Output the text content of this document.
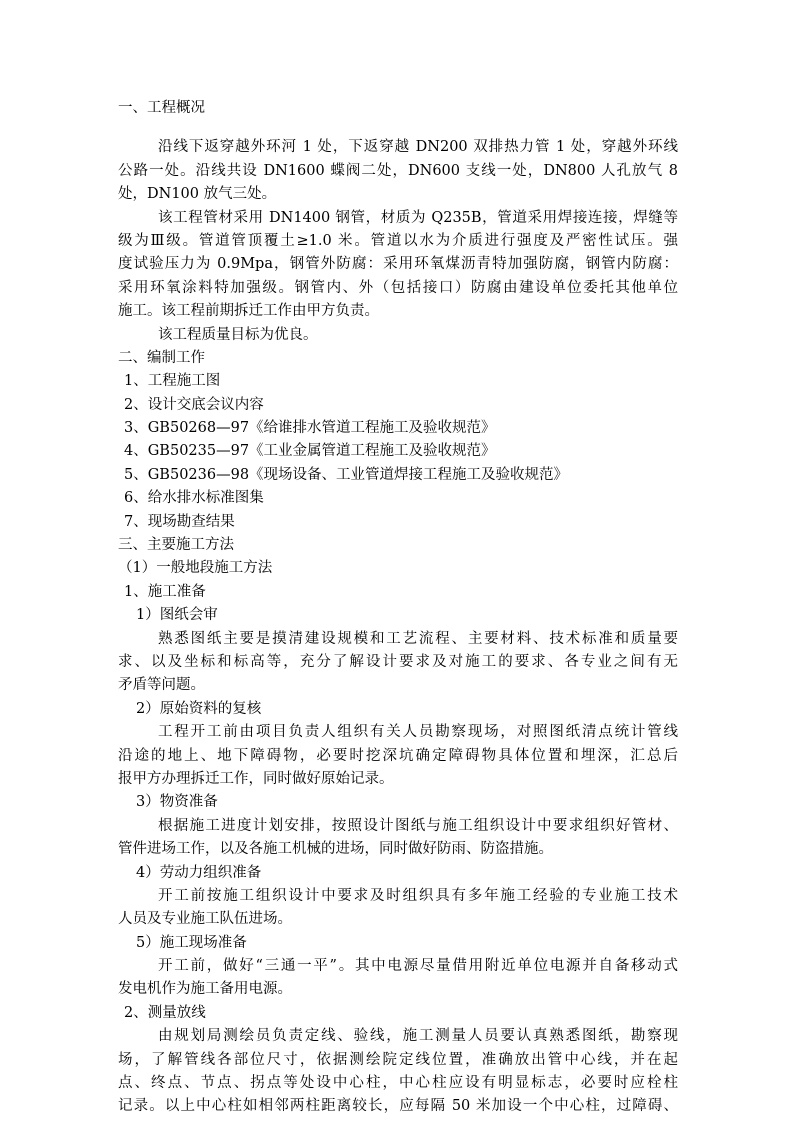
一、工程概况
沿线下返穿越外环河 1 处，下返穿越 DN200 双排热力管 1 处，穿越外环线
公路一处。沿线共设 DN1600 蝶阀二处，DN600 支线一处，DN800 人孔放气 8
处，DN100 放气三处。
该工程管材采用 DN1400 钢管，材质为 Q235B，管道采用焊接连接，焊缝等
级为Ⅲ级。管道管顶覆土≥1.0 米。管道以水为介质进行强度及严密性试压。强
度试验压力为 0.9Mpa，钢管外防腐：采用环氧煤沥青特加强防腐，钢管内防腐：
采用环氧涂料特加强级。钢管内、外（包括接口）防腐由建设单位委托其他单位
施工。该工程前期拆迁工作由甲方负责。
该工程质量目标为优良。
二、编制工作
1、工程施工图
2、设计交底会议内容
3、GB50268—97《给谁排水管道工程施工及验收规范》
4、GB50235—97《工业金属管道工程施工及验收规范》
5、GB50236—98《现场设备、工业管道焊接工程施工及验收规范》
6、给水排水标准图集
7、现场勘查结果
三、主要施工方法
（1）一般地段施工方法
1、施工准备
1）图纸会审
熟悉图纸主要是摸清建设规模和工艺流程、主要材料、技术标准和质量要
求、以及坐标和标高等，充分了解设计要求及对施工的要求、各专业之间有无
矛盾等问题。
2）原始资料的复核
工程开工前由项目负责人组织有关人员勘察现场，对照图纸清点统计管线
沿途的地上、地下障碍物，必要时挖深坑确定障碍物具体位置和埋深，汇总后
报甲方办理拆迁工作，同时做好原始记录。
3）物资准备
根据施工进度计划安排，按照设计图纸与施工组织设计中要求组织好管材、
管件进场工作，以及各施工机械的进场，同时做好防雨、防盗措施。
4）劳动力组织准备
开工前按施工组织设计中要求及时组织具有多年施工经验的专业施工技术
人员及专业施工队伍进场。
5）施工现场准备
开工前，做好“三通一平”。其中电源尽量借用附近单位电源并自备移动式
发电机作为施工备用电源。
2、测量放线
由规划局测绘员负责定线、验线，施工测量人员要认真熟悉图纸，勘察现
场，了解管线各部位尺寸，依据测绘院定线位置，准确放出管中心线，并在起
点、终点、节点、拐点等处设中心柱，中心柱应设有明显标志，必要时应栓柱
记录。以上中心柱如相邻两柱距离较长，应每隔 50 米加设一个中心柱，过障碍、
